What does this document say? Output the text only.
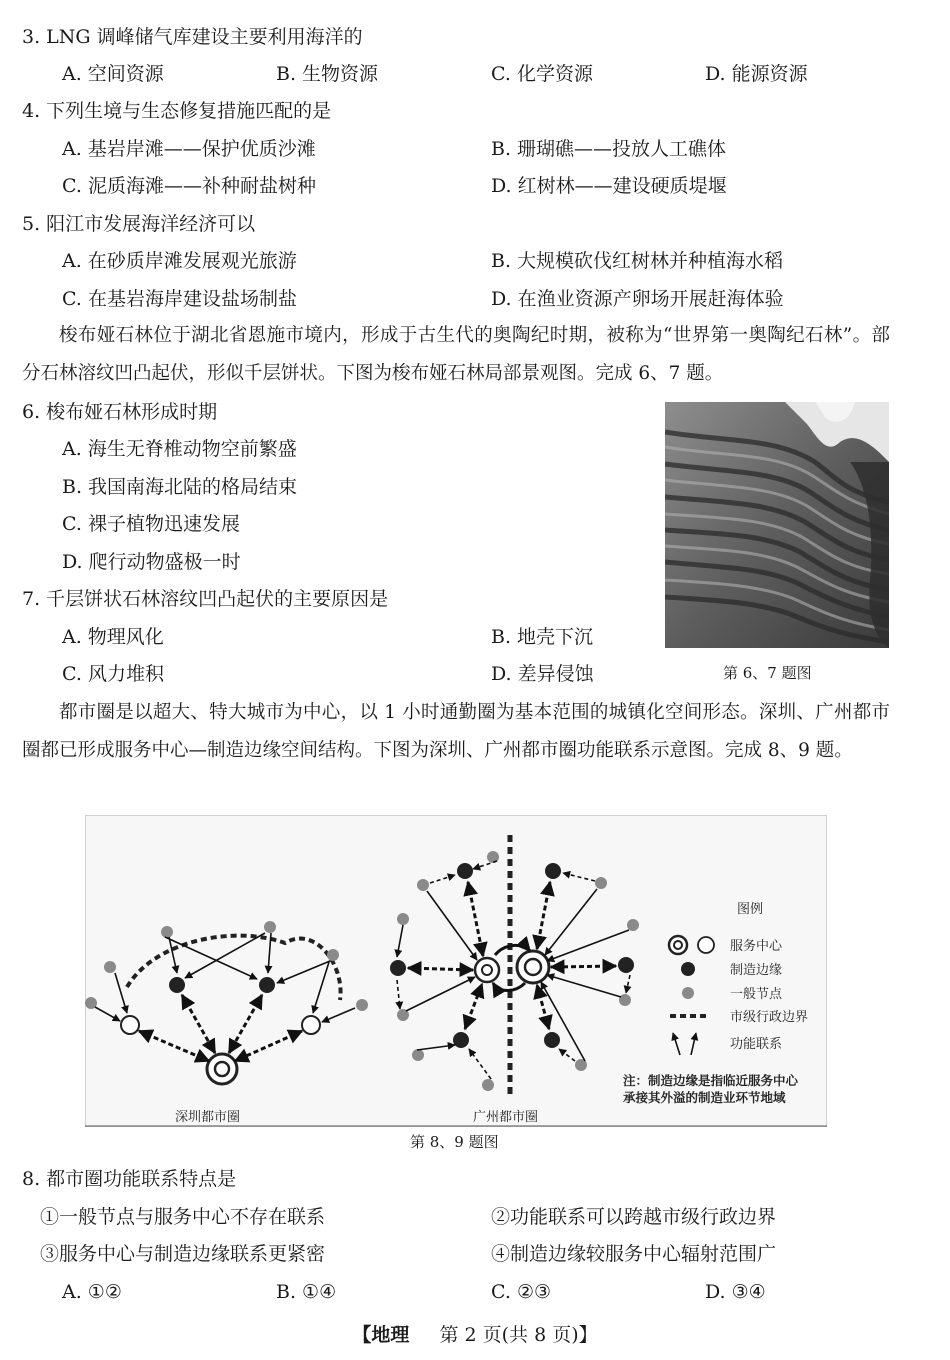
3. LNG 调峰储气库建设主要利用海洋的
A. 空间资源	B. 生物资源	C. 化学资源	D. 能源资源
4. 下列生境与生态修复措施匹配的是
A. 基岩岸滩——保护优质沙滩	B. 珊瑚礁——投放人工礁体
C. 泥质海滩——补种耐盐树种	D. 红树林——建设硬质堤堰
5. 阳江市发展海洋经济可以
A. 在砂质岸滩发展观光旅游	B. 大规模砍伐红树林并种植海水稻
C. 在基岩海岸建设盐场制盐	D. 在渔业资源产卵场开展赶海体验
梭布娅石林位于湖北省恩施市境内，形成于古生代的奥陶纪时期，被称为“世界第一奥陶纪石林”。部分石林溶纹凹凸起伏，形似千层饼状。下图为梭布娅石林局部景观图。完成 6、7 题。
6. 梭布娅石林形成时期
A. 海生无脊椎动物空前繁盛
B. 我国南海北陆的格局结束
C. 裸子植物迅速发展
D. 爬行动物盛极一时
7. 千层饼状石林溶纹凹凸起伏的主要原因是
A. 物理风化	B. 地壳下沉
C. 风力堆积	D. 差异侵蚀	第 6、7 题图
都市圈是以超大、特大城市为中心，以 1 小时通勤圈为基本范围的城镇化空间形态。深圳、广州都市圈都已形成服务中心—制造边缘空间结构。下图为深圳、广州都市圈功能联系示意图。完成 8、9 题。
深圳都市圈	广州都市圈
图例
服务中心
制造边缘
一般节点
市级行政边界
功能联系
注：制造边缘是指临近服务中心
承接其外溢的制造业环节地域
第 8、9 题图
8. 都市圈功能联系特点是
①一般节点与服务中心不存在联系	②功能联系可以跨越市级行政边界
③服务中心与制造边缘联系更紧密	④制造边缘较服务中心辐射范围广
A. ①②	B. ①④	C. ②③	D. ③④
【地理 第 2 页(共 8 页)】
